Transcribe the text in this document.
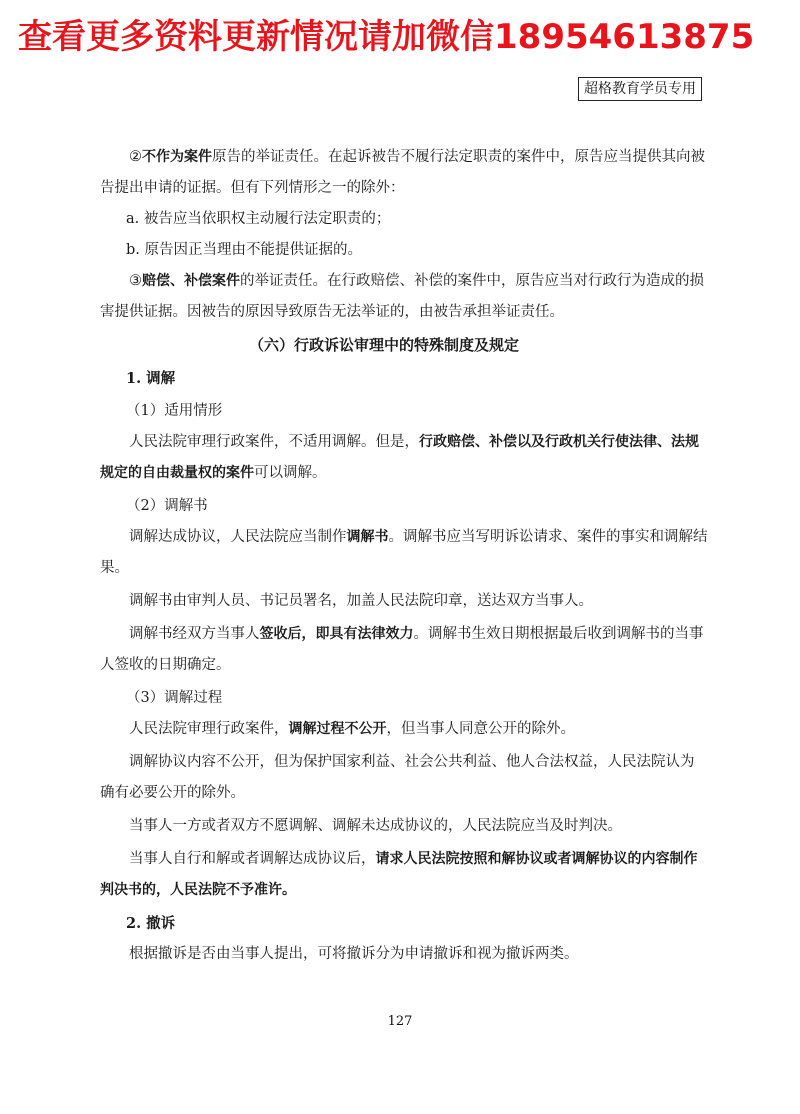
查看更多资料更新情况请加微信18954613875
超格教育学员专用

②不作为案件原告的举证责任。在起诉被告不履行法定职责的案件中，原告应当提供其向被告提出申请的证据。但有下列情形之一的除外：

a. 被告应当依职权主动履行法定职责的；

b. 原告因正当理由不能提供证据的。

③赔偿、补偿案件的举证责任。在行政赔偿、补偿的案件中，原告应当对行政行为造成的损害提供证据。因被告的原因导致原告无法举证的，由被告承担举证责任。

（六）行政诉讼审理中的特殊制度及规定

1. 调解

（1）适用情形

人民法院审理行政案件，不适用调解。但是，行政赔偿、补偿以及行政机关行使法律、法规规定的自由裁量权的案件可以调解。

（2）调解书

调解达成协议，人民法院应当制作调解书。调解书应当写明诉讼请求、案件的事实和调解结果。

调解书由审判人员、书记员署名，加盖人民法院印章，送达双方当事人。

调解书经双方当事人签收后，即具有法律效力。调解书生效日期根据最后收到调解书的当事人签收的日期确定。

（3）调解过程

人民法院审理行政案件，调解过程不公开，但当事人同意公开的除外。

调解协议内容不公开，但为保护国家利益、社会公共利益、他人合法权益，人民法院认为确有必要公开的除外。

当事人一方或者双方不愿调解、调解未达成协议的，人民法院应当及时判决。

当事人自行和解或者调解达成协议后，请求人民法院按照和解协议或者调解协议的内容制作判决书的，人民法院不予准许。

2. 撤诉

根据撤诉是否由当事人提出，可将撤诉分为申请撤诉和视为撤诉两类。

127
